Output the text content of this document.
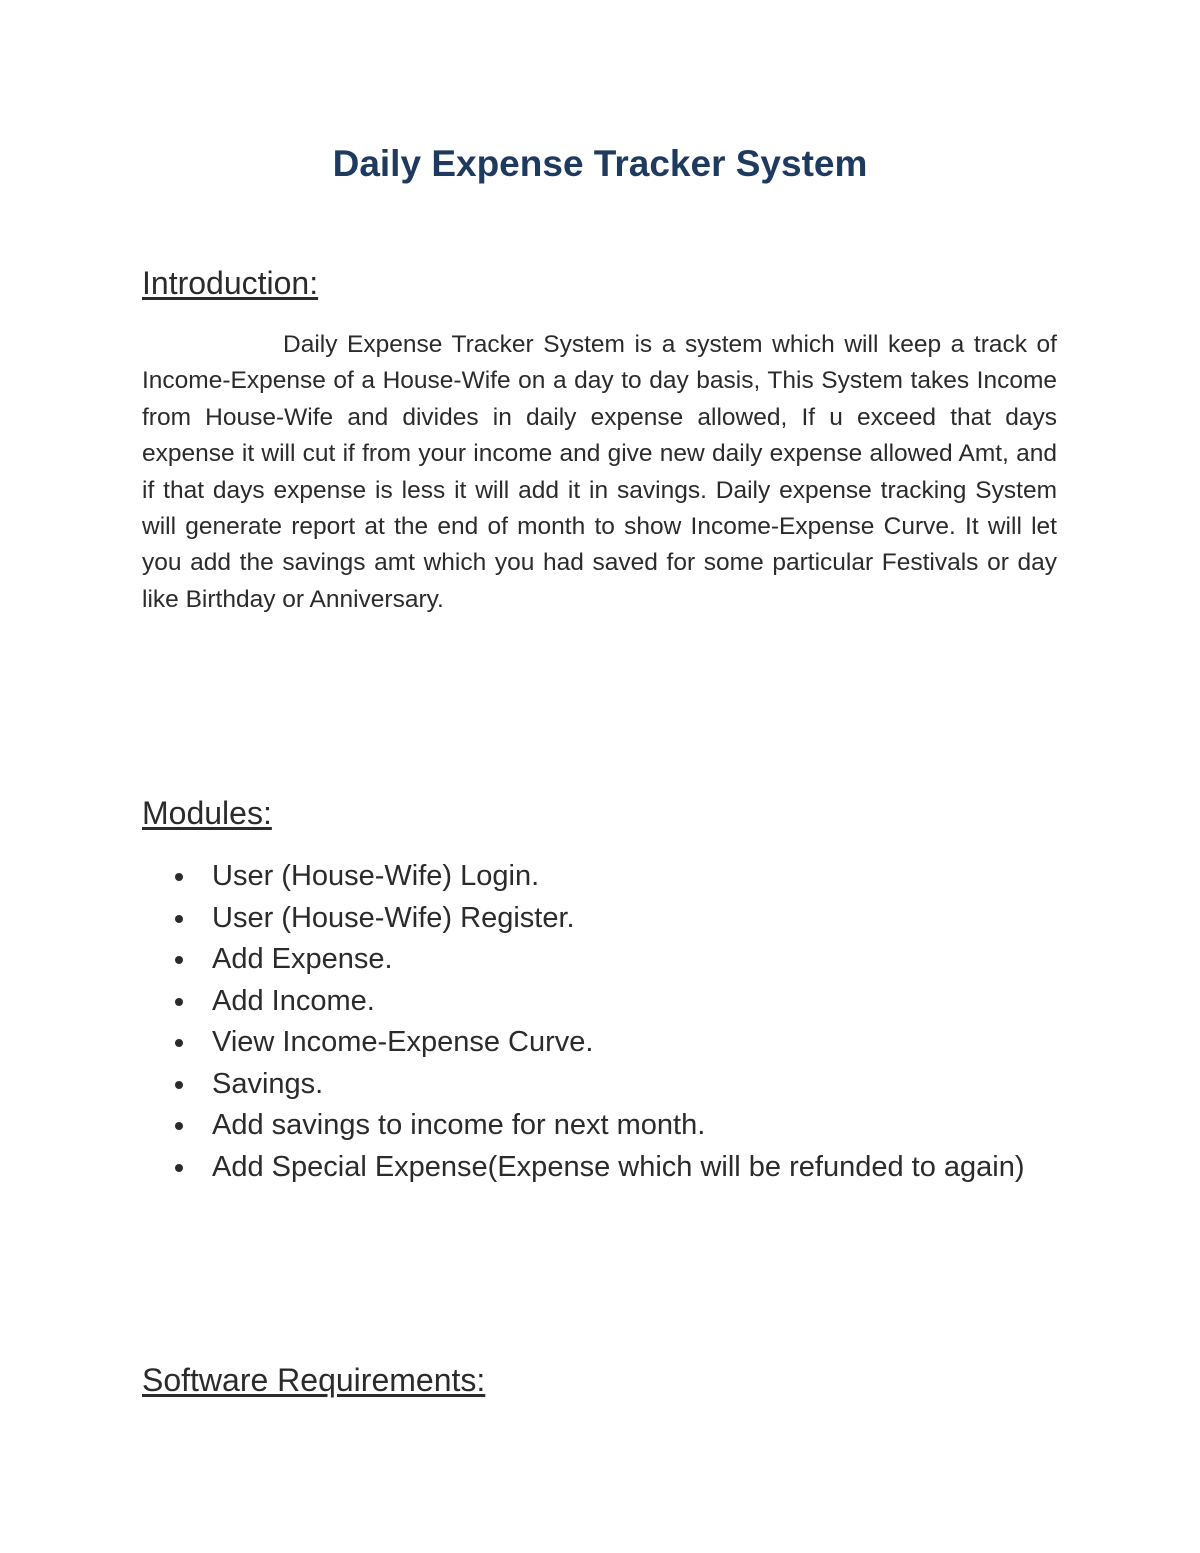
Daily Expense Tracker System
Introduction:

Daily Expense Tracker System is a system which will keep a track of Income-Expense of a House-Wife on a day to day basis, This System takes Income from House-Wife and divides in daily expense allowed, If u exceed that days expense it will cut if from your income and give new daily expense allowed Amt, and if that days expense is less it will add it in savings. Daily expense tracking System will generate report at the end of month to show Income-Expense Curve. It will let you add the savings amt which you had saved for some particular Festivals or day like Birthday or Anniversary.

Modules:
User (House-Wife) Login.
User (House-Wife) Register.
Add Expense.
Add Income.
View Income-Expense Curve.
Savings.
Add savings to income for next month.
Add Special Expense(Expense which will be refunded to again)
Software Requirements:
